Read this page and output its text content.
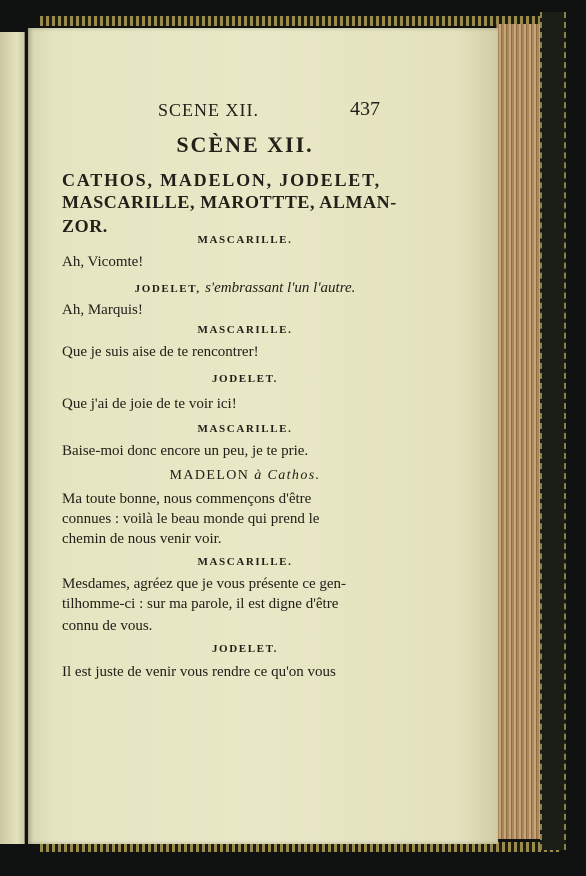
SCENE XII.	437
SCÈNE XII.
CATHOS, MADELON, JODELET,
MASCARILLE, MAROTTTE, ALMAN-
ZOR.
MASCARILLE.
Ah, Vicomte!
JODELET, s'embrassant l'un l'autre.
Ah, Marquis!
MASCARILLE.
Que je suis aise de te rencontrer!
JODELET.
Que j'ai de joie de te voir ici!
MASCARILLE.
Baise-moi donc encore un peu, je te prie.
MADELON à Cathos.
Ma toute bonne, nous commençons d'être
connues : voilà le beau monde qui prend le
chemin de nous venir voir.
MASCARILLE.
Mesdames, agréez que je vous présente ce gen-
tilhomme-ci : sur ma parole, il est digne d'être
connu de vous.
JODELET.
Il est juste de venir vous rendre ce qu'on vous
